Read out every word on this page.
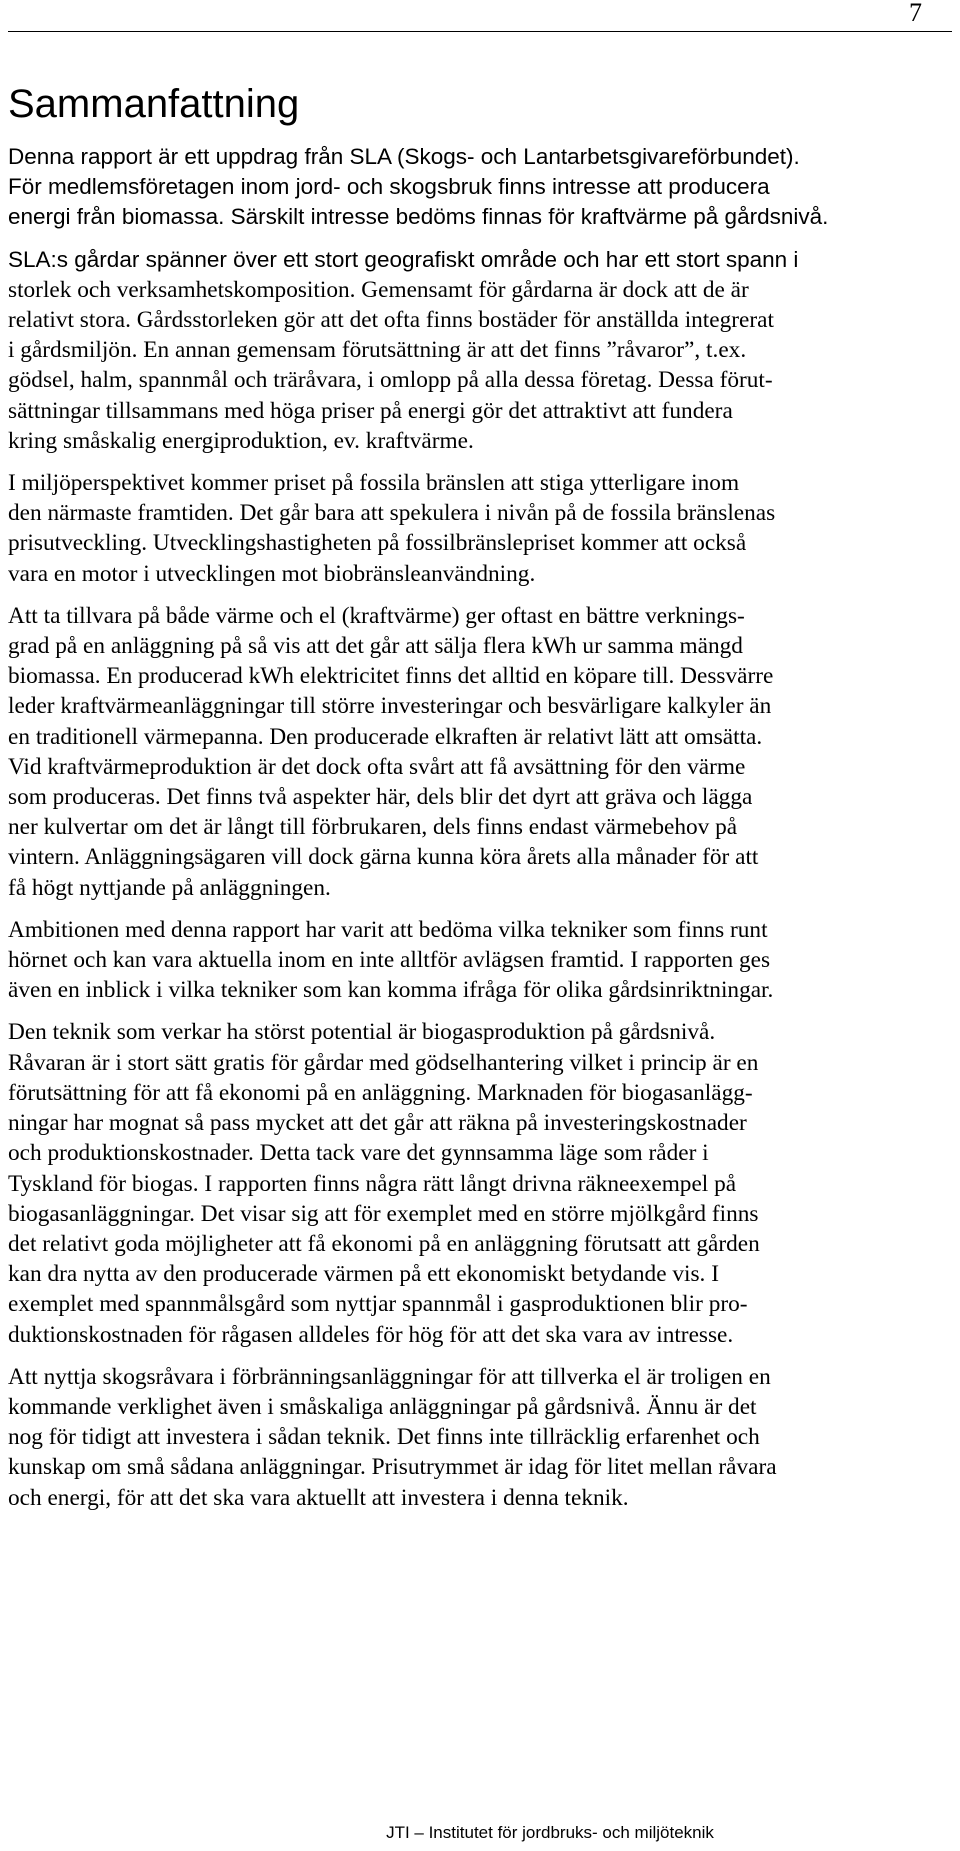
7
Sammanfattning

Denna rapport är ett uppdrag från SLA (Skogs- och Lantarbetsgivareförbundet).
För medlemsföretagen inom jord- och skogsbruk finns intresse att producera
energi från biomassa. Särskilt intresse bedöms finnas för kraftvärme på gårdsnivå.

SLA:s gårdar spänner över ett stort geografiskt område och har ett stort spann i
storlek och verksamhetskomposition. Gemensamt för gårdarna är dock att de är
relativt stora. Gårdsstorleken gör att det ofta finns bostäder för anställda integrerat
i gårdsmiljön. En annan gemensam förutsättning är att det finns ”råvaror”, t.ex.
gödsel, halm, spannmål och träråvara, i omlopp på alla dessa företag. Dessa förut-
sättningar tillsammans med höga priser på energi gör det attraktivt att fundera
kring småskalig energiproduktion, ev. kraftvärme.

I miljöperspektivet kommer priset på fossila bränslen att stiga ytterligare inom
den närmaste framtiden. Det går bara att spekulera i nivån på de fossila bränslenas
prisutveckling. Utvecklingshastigheten på fossilbränslepriset kommer att också
vara en motor i utvecklingen mot biobränsleanvändning.

Att ta tillvara på både värme och el (kraftvärme) ger oftast en bättre verknings-
grad på en anläggning på så vis att det går att sälja flera kWh ur samma mängd
biomassa. En producerad kWh elektricitet finns det alltid en köpare till. Dessvärre
leder kraftvärmeanläggningar till större investeringar och besvärligare kalkyler än
en traditionell värmepanna. Den producerade elkraften är relativt lätt att omsätta.
Vid kraftvärmeproduktion är det dock ofta svårt att få avsättning för den värme
som produceras. Det finns två aspekter här, dels blir det dyrt att gräva och lägga
ner kulvertar om det är långt till förbrukaren, dels finns endast värmebehov på
vintern. Anläggningsägaren vill dock gärna kunna köra årets alla månader för att
få högt nyttjande på anläggningen.

Ambitionen med denna rapport har varit att bedöma vilka tekniker som finns runt
hörnet och kan vara aktuella inom en inte alltför avlägsen framtid. I rapporten ges
även en inblick i vilka tekniker som kan komma ifråga för olika gårdsinriktningar.

Den teknik som verkar ha störst potential är biogasproduktion på gårdsnivå.
Råvaran är i stort sätt gratis för gårdar med gödselhantering vilket i princip är en
förutsättning för att få ekonomi på en anläggning. Marknaden för biogasanlägg-
ningar har mognat så pass mycket att det går att räkna på investeringskostnader
och produktionskostnader. Detta tack vare det gynnsamma läge som råder i
Tyskland för biogas. I rapporten finns några rätt långt drivna räkneexempel på
biogasanläggningar. Det visar sig att för exemplet med en större mjölkgård finns
det relativt goda möjligheter att få ekonomi på en anläggning förutsatt att gården
kan dra nytta av den producerade värmen på ett ekonomiskt betydande vis. I
exemplet med spannmålsgård som nyttjar spannmål i gasproduktionen blir pro-
duktionskostnaden för rågasen alldeles för hög för att det ska vara av intresse.

Att nyttja skogsråvara i förbränningsanläggningar för att tillverka el är troligen en
kommande verklighet även i småskaliga anläggningar på gårdsnivå. Ännu är det
nog för tidigt att investera i sådan teknik. Det finns inte tillräcklig erfarenhet och
kunskap om små sådana anläggningar. Prisutrymmet är idag för litet mellan råvara
och energi, för att det ska vara aktuellt att investera i denna teknik.

JTI – Institutet för jordbruks- och miljöteknik
